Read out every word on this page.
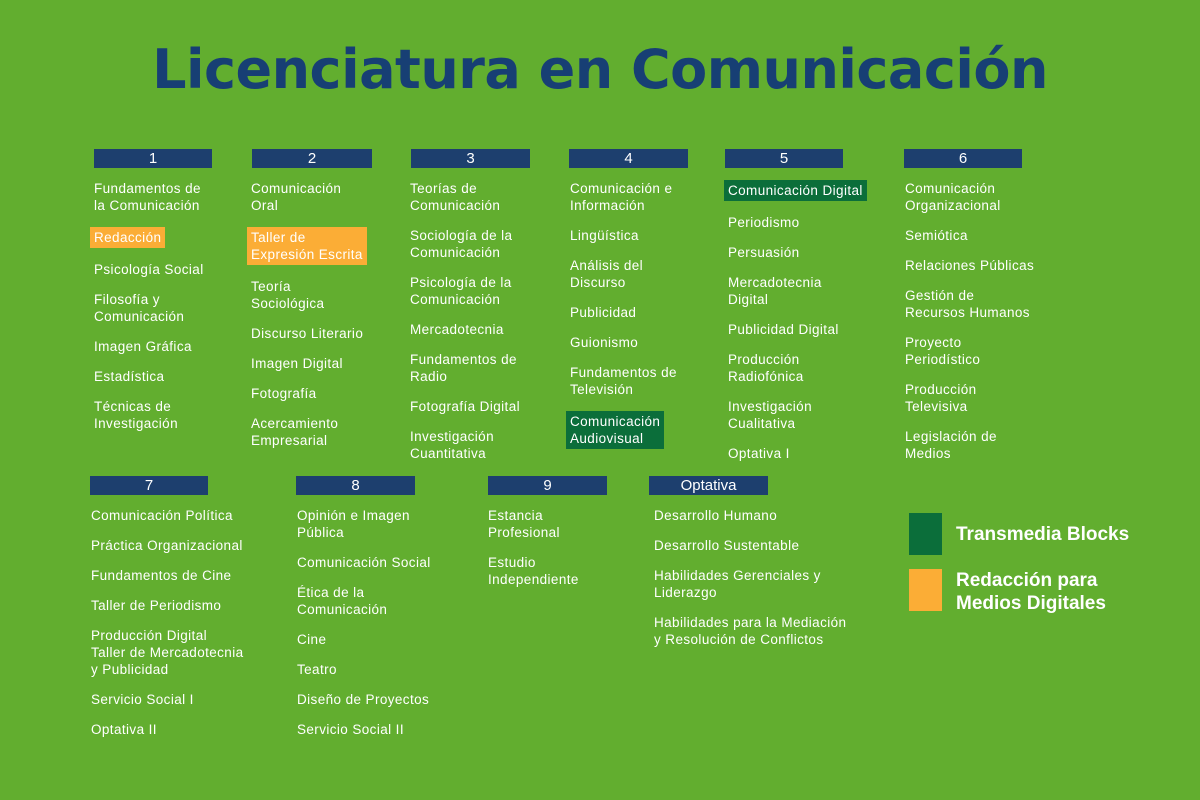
Licenciatura en Comunicación
1
Fundamentos de
la Comunicación
Redacción
Psicología Social
Filosofía y
Comunicación
Imagen Gráfica
Estadística
Técnicas de
Investigación
2
Comunicación
Oral
Taller de
Expresión Escrita
Teoría
Sociológica
Discurso Literario
Imagen Digital
Fotografía
Acercamiento
Empresarial
3
Teorías de
Comunicación
Sociología de la
Comunicación
Psicología de la
Comunicación
Mercadotecnia
Fundamentos de
Radio
Fotografía Digital
Investigación
Cuantitativa
4
Comunicación e
Información
Lingüística
Análisis del
Discurso
Publicidad
Guionismo
Fundamentos de
Televisión
Comunicación
Audiovisual
5
Comunicación Digital
Periodismo
Persuasión
Mercadotecnia
Digital
Publicidad Digital
Producción
Radiofónica
Investigación
Cualitativa
Optativa I
6
Comunicación
Organizacional
Semiótica
Relaciones Públicas
Gestión de
Recursos Humanos
Proyecto
Periodístico
Producción
Televisiva
Legislación de
Medios
7
Comunicación Política
Práctica Organizacional
Fundamentos de Cine
Taller de Periodismo
Producción Digital
Taller de Mercadotecnia
y Publicidad
Servicio Social I
Optativa II
8
Opinión e Imagen
Pública
Comunicación Social
Ética de la
Comunicación
Cine
Teatro
Diseño de Proyectos
Servicio Social II
9
Estancia
Profesional
Estudio
Independiente
Optativa
Desarrollo Humano
Desarrollo Sustentable
Habilidades Gerenciales y
Liderazgo
Habilidades para la Mediación
y Resolución de Conflictos
Transmedia Blocks
Redacción para
Medios Digitales
